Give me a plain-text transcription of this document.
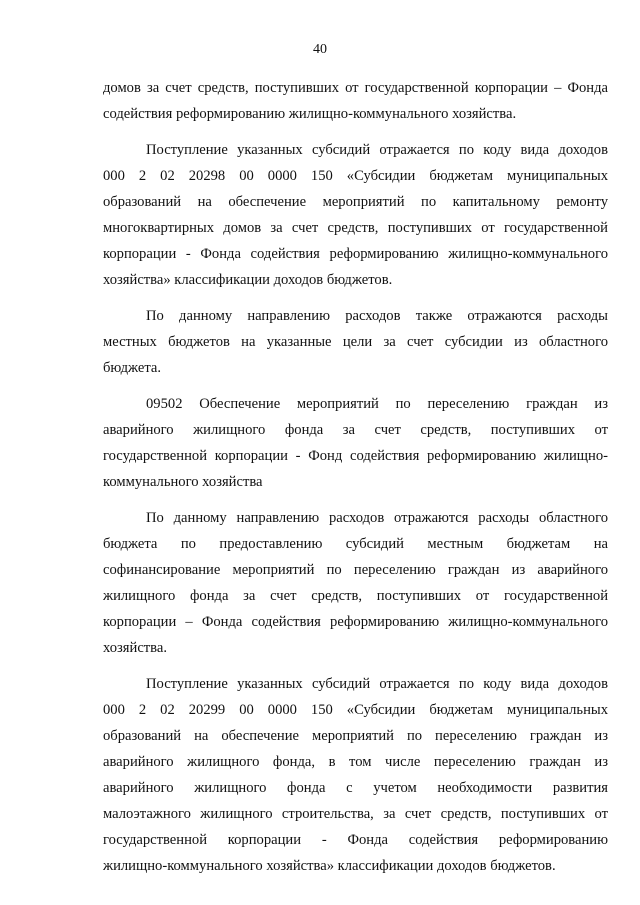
40

домов за счет средств, поступивших от государственной корпорации – Фонда
содействия реформированию жилищно-коммунального хозяйства.

Поступление указанных субсидий отражается по коду вида доходов
000 2 02 20298 00 0000 150 «Субсидии бюджетам муниципальных
образований на обеспечение мероприятий по капитальному ремонту
многоквартирных домов за счет средств, поступивших от государственной
корпорации - Фонда содействия реформированию жилищно-коммунального
хозяйства» классификации доходов бюджетов.

По данному направлению расходов также отражаются расходы
местных бюджетов на указанные цели за счет субсидии из областного
бюджета.

09502 Обеспечение мероприятий по переселению граждан из
аварийного жилищного фонда за счет средств, поступивших от
государственной корпорации - Фонд содействия реформированию жилищно-
коммунального хозяйства

По данному направлению расходов отражаются расходы областного
бюджета по предоставлению субсидий местным бюджетам на
софинансирование мероприятий по переселению граждан из аварийного
жилищного фонда за счет средств, поступивших от государственной
корпорации – Фонда содействия реформированию жилищно-коммунального
хозяйства.

Поступление указанных субсидий отражается по коду вида доходов
000 2 02 20299 00 0000 150 «Субсидии бюджетам муниципальных
образований на обеспечение мероприятий по переселению граждан из
аварийного жилищного фонда, в том числе переселению граждан из
аварийного жилищного фонда с учетом необходимости развития
малоэтажного жилищного строительства, за счет средств, поступивших от
государственной корпорации - Фонда содействия реформированию
жилищно-коммунального хозяйства» классификации доходов бюджетов.
